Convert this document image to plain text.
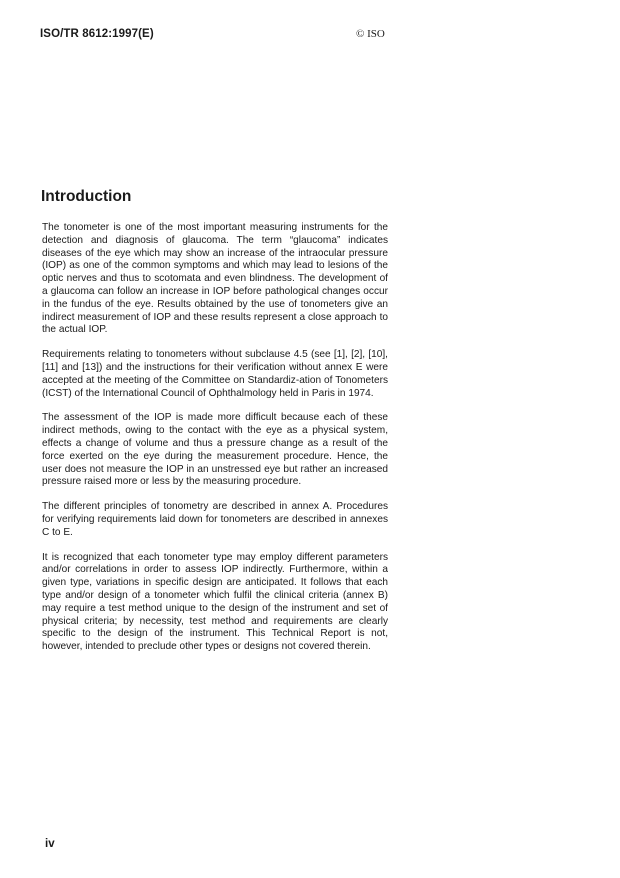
ISO/TR 8612:1997(E)	© ISO
Introduction

The tonometer is one of the most important measuring instruments for the detection and diagnosis of glaucoma. The term “glaucoma” indicates diseases of the eye which may show an increase of the intraocular pressure (IOP) as one of the common symptoms and which may lead to lesions of the optic nerves and thus to scotomata and even blindness. The development of a glaucoma can follow an increase in IOP before pathological changes occur in the fundus of the eye. Results obtained by the use of tonometers give an indirect measurement of IOP and these results represent a close approach to the actual IOP.

Requirements relating to tonometers without subclause 4.5 (see [1], [2], [10], [11] and [13]) and the instructions for their verification without annex E were accepted at the meeting of the Committee on Standardiz-ation of Tonometers (ICST) of the International Council of Ophthalmology held in Paris in 1974.

The assessment of the IOP is made more difficult because each of these indirect methods, owing to the contact with the eye as a physical system, effects a change of volume and thus a pressure change as a result of the force exerted on the eye during the measurement procedure. Hence, the user does not measure the IOP in an unstressed eye but rather an increased pressure raised more or less by the measuring procedure.

The different principles of tonometry are described in annex A. Procedures for verifying requirements laid down for tonometers are described in annexes C to E.

It is recognized that each tonometer type may employ different parameters and/or correlations in order to assess IOP indirectly. Furthermore, within a given type, variations in specific design are anticipated. It follows that each type and/or design of a tonometer which fulfil the clinical criteria (annex B) may require a test method unique to the design of the instrument and set of physical criteria; by necessity, test method and requirements are clearly specific to the design of the instrument. This Technical Report is not, however, intended to preclude other types or designs not covered therein.

iv
